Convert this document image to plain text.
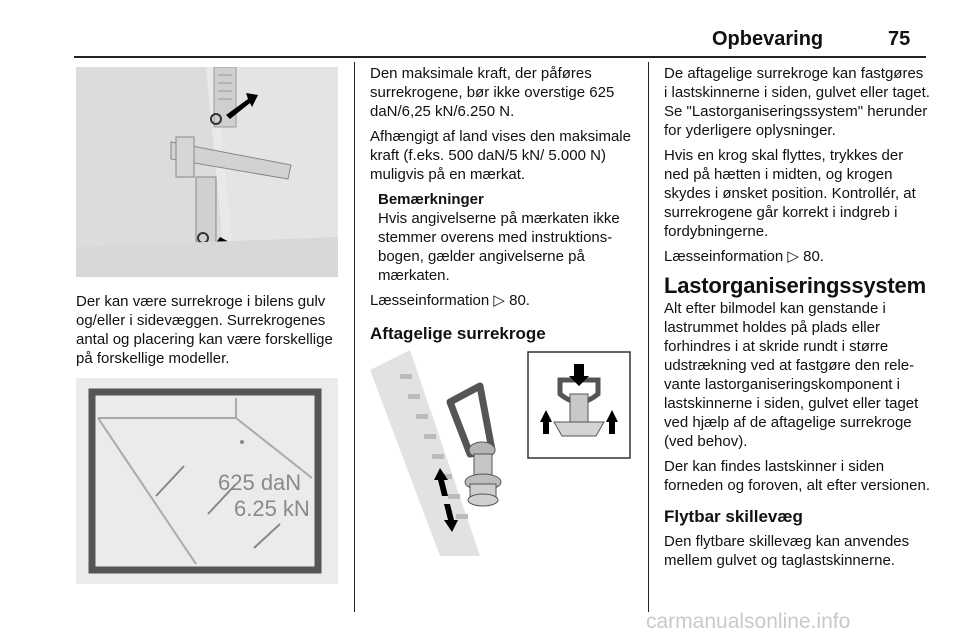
Opbevaring	75

Der kan være surrekroge i bilens gulv og/eller i sidevæggen. Surrekrogenes antal og placering kan være forskellige på forskellige modeller.

625 daN
6.25 kN

Den maksimale kraft, der påføres surrekrogene, bør ikke overstige 625 daN/6,25 kN/6.250 N.

Afhængigt af land vises den maksimale kraft (f.eks. 500 daN/5 kN/ 5.000 N) muligvis på en mærkat.

Bemærkninger
Hvis angivelserne på mærkaten ikke stemmer overens med instruktionsbogen, gælder angivelserne på mærkaten.

Læsseinformation ▷ 80.

Aftagelige surrekroge

De aftagelige surrekroge kan fastgøres i lastskinnerne i siden, gulvet eller taget. Se "Lastorganiseringssystem" herunder for yderligere oplysninger.

Hvis en krog skal flyttes, trykkes der ned på hætten i midten, og krogen skydes i ønsket position. Kontrollér, at surrekrogene går korrekt i indgreb i fordybningerne.

Læsseinformation ▷ 80.

Lastorganiseringssystem

Alt efter bilmodel kan genstande i lastrummet holdes på plads eller forhindres i at skride rundt i større udstrækning ved at fastgøre den relevante lastorganiseringskomponent i lastskinnerne i siden, gulvet eller taget ved hjælp af de aftagelige surrekroge (ved behov).

Der kan findes lastskinner i siden forneden og foroven, alt efter versionen.

Flytbar skillevæg

Den flytbare skillevæg kan anvendes mellem gulvet og taglastskinnerne.

carmanualsonline.info
